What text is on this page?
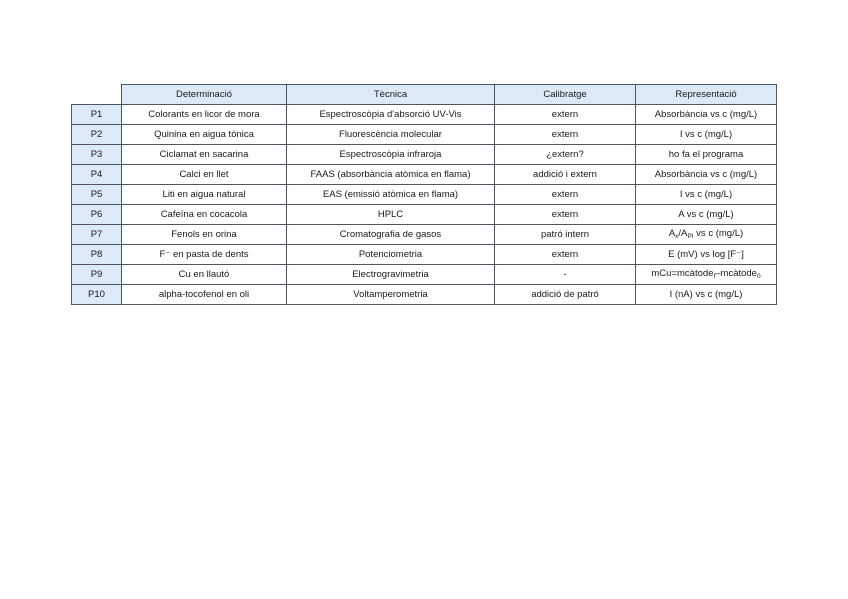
	Determinació	Tècnica	Calibratge	Representació
P1	Colorants en licor de mora	Espectroscòpia d'absorció UV-Vis	extern	Absorbància vs c (mg/L)
P2	Quinina en aigua tònica	Fluorescència molecular	extern	I vs c (mg/L)
P3	Ciclamat en sacarina	Espectroscòpia infraroja	¿extern?	ho fa el programa
P4	Calci en llet	FAAS (absorbància atòmica en flama)	addició i extern	Absorbància vs c (mg/L)
P5	Liti en aigua natural	EAS (emissió atòmica en flama)	extern	I vs c (mg/L)
P6	Cafeïna en cocacola	HPLC	extern	A vs c (mg/L)
P7	Fenols en orina	Cromatografia de gasos	patró intern	$A_x/A_{PI}$ vs c (mg/L)
P8	F⁻ en pasta de dents	Potenciometria	extern	E (mV) vs log [F⁻]
P9	Cu en llautó	Electrogravimetria	-	mCu=mcàtode$_f$–mcàtode$_0$
P10	alpha-tocofenol en oli	Voltamperometria	addició de patró	I (nA) vs c (mg/L)
